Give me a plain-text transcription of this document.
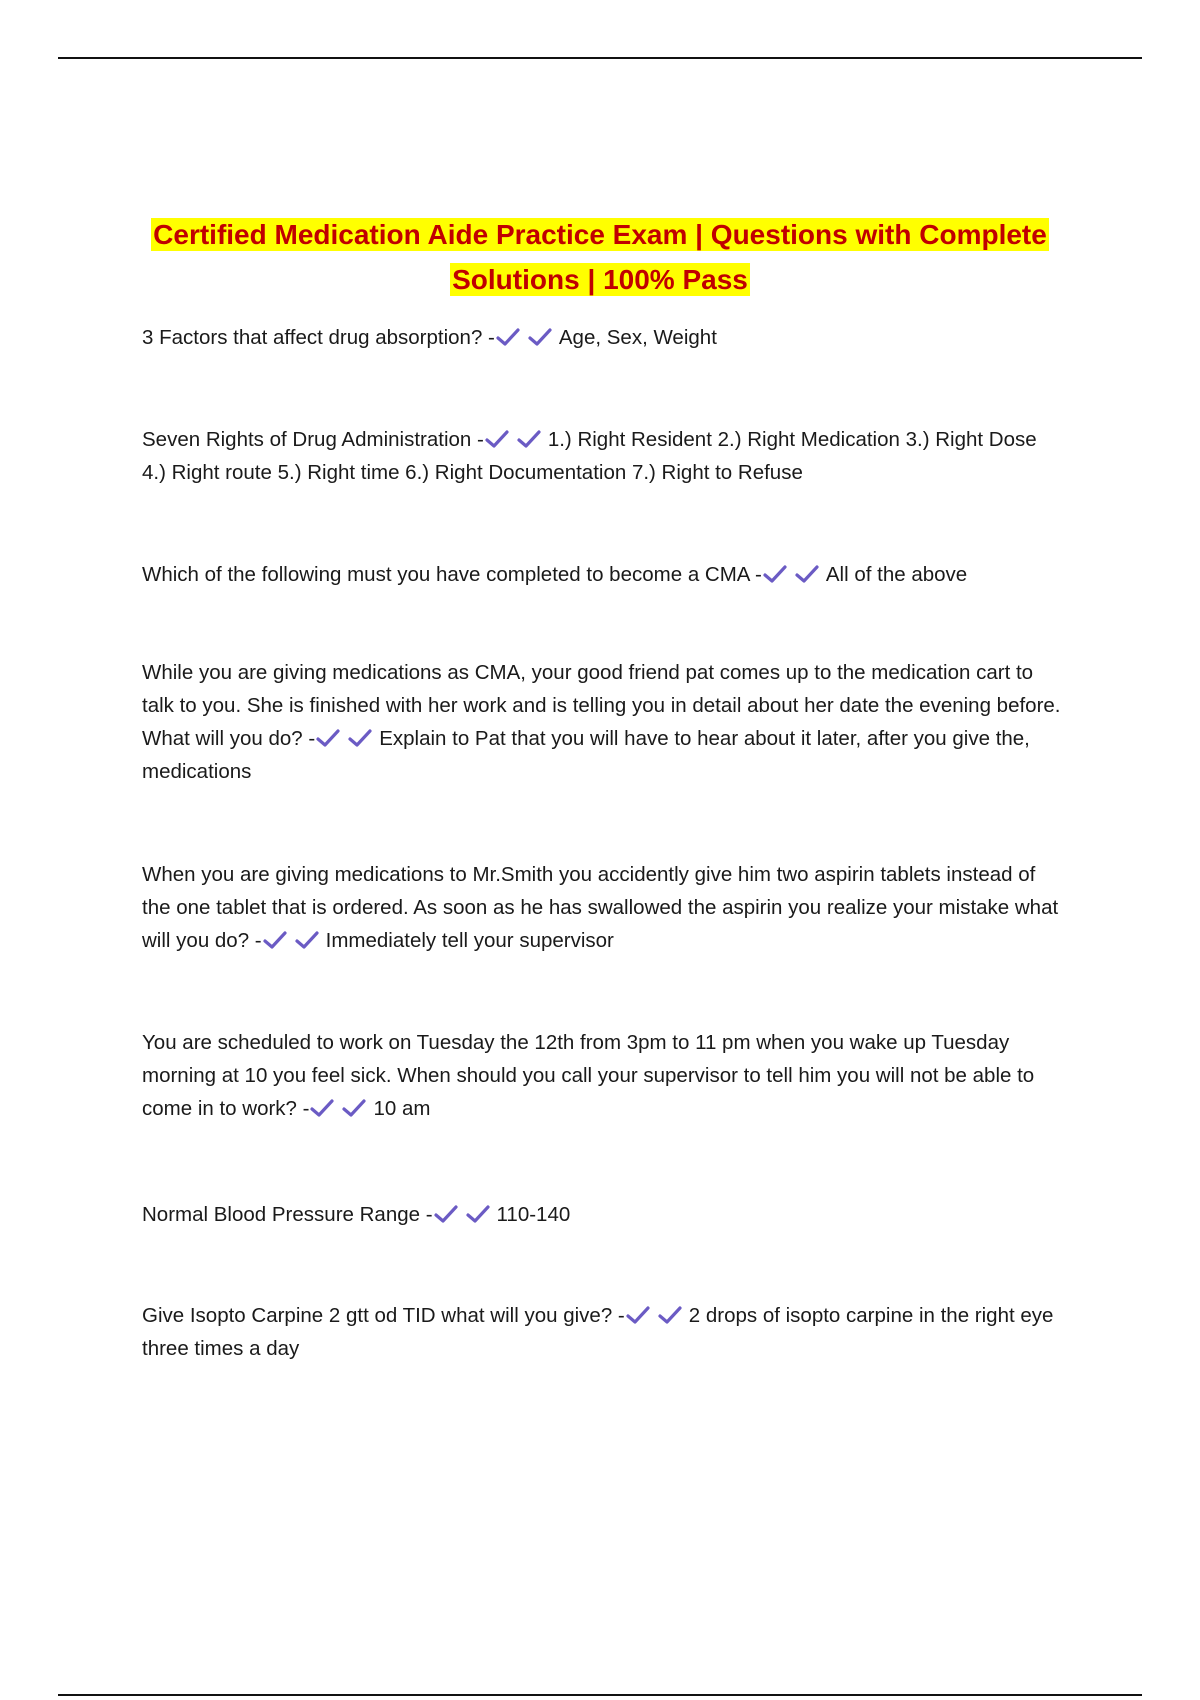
Certified Medication Aide Practice Exam | Questions with Complete
Solutions | 100% Pass
3 Factors that affect drug absorption? -	Age, Sex, Weight
Seven Rights of Drug Administration -	1.) Right Resident 2.) Right Medication 3.) Right Dose 4.) Right route 5.) Right time 6.) Right Documentation 7.) Right to Refuse
Which of the following must you have completed to become a CMA -	All of the above
While you are giving medications as CMA, your good friend pat comes up to the medication cart to talk to you. She is finished with her work and is telling you in detail about her date the evening before. What will you do? -	Explain to Pat that you will have to hear about it later, after you give the, medications
When you are giving medications to Mr.Smith you accidently give him two aspirin tablets instead of the one tablet that is ordered. As soon as he has swallowed the aspirin you realize your mistake what will you do? -	Immediately tell your supervisor
You are scheduled to work on Tuesday the 12th from 3pm to 11 pm when you wake up Tuesday morning at 10 you feel sick. When should you call your supervisor to tell him you will not be able to come in to work? -	10 am
Normal Blood Pressure Range -	110-140
Give Isopto Carpine 2 gtt od TID what will you give? -	2 drops of isopto carpine in the right eye three times a day
